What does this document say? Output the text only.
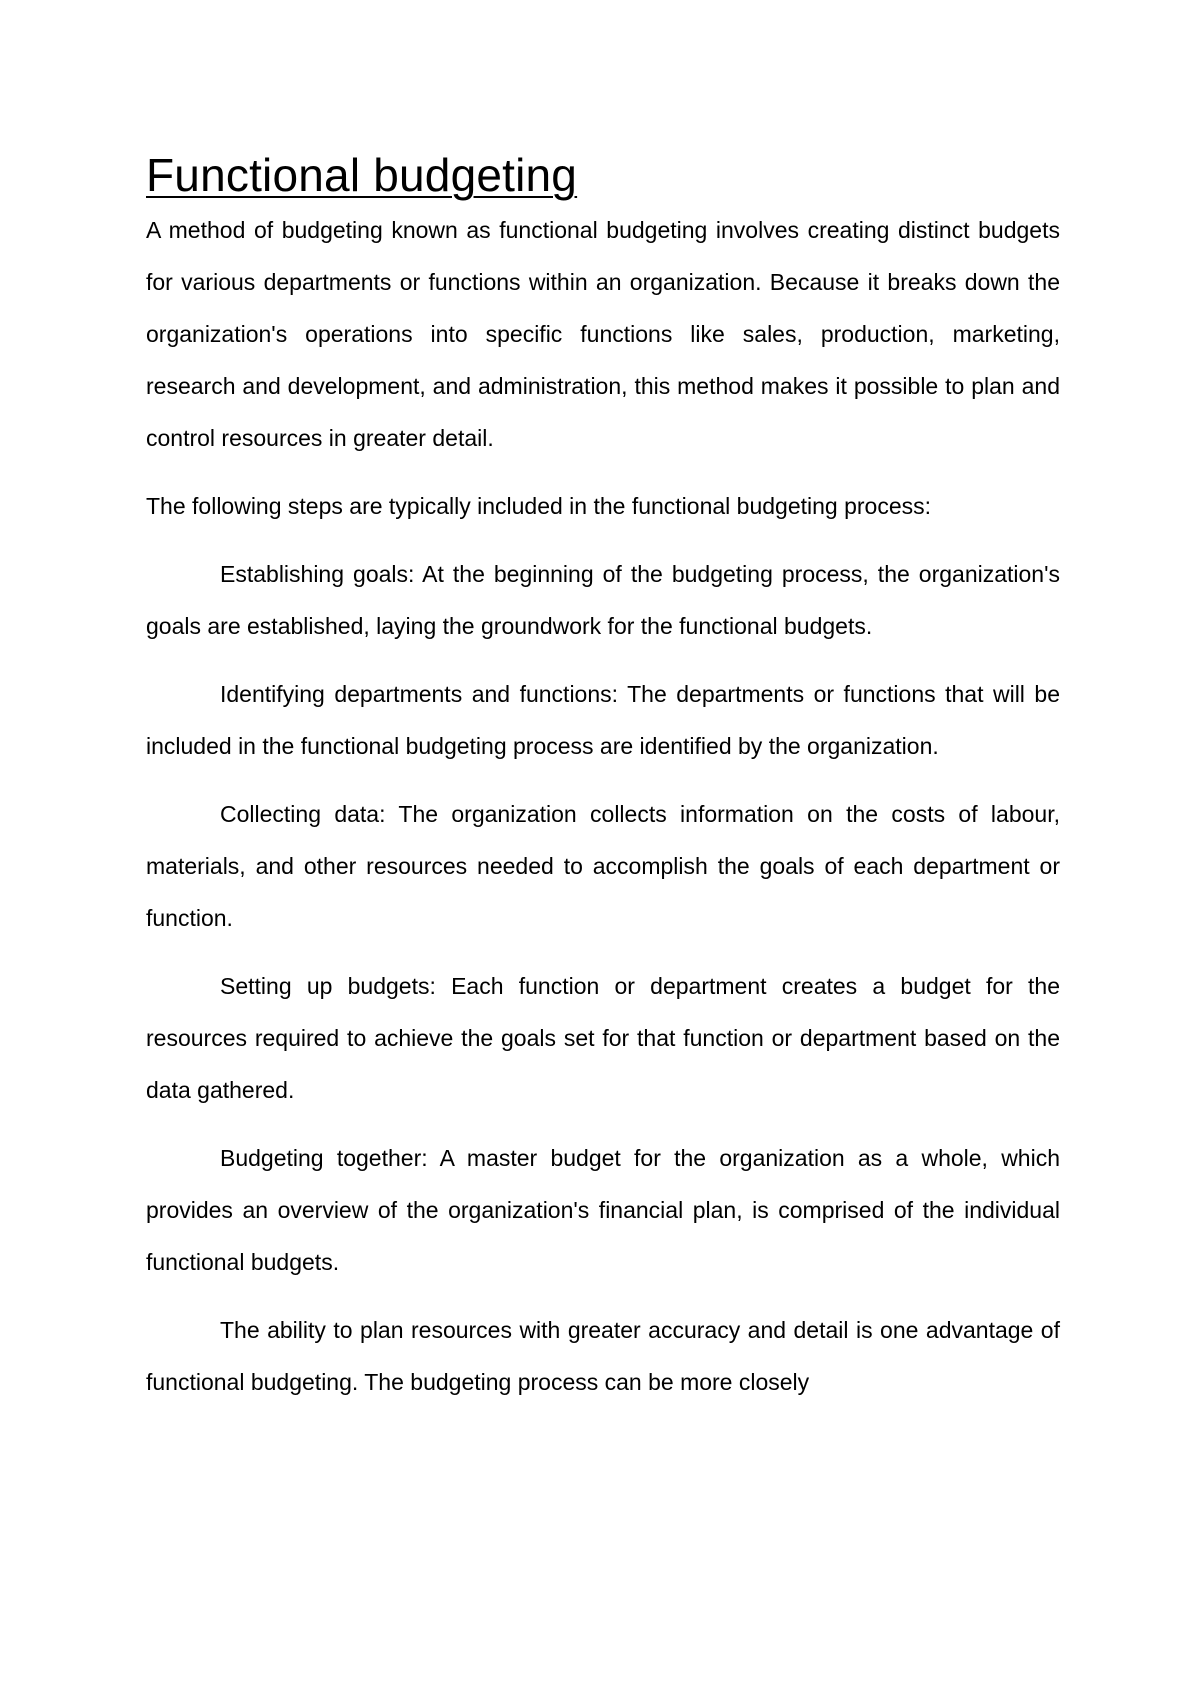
Functional budgeting

A method of budgeting known as functional budgeting involves creating distinct budgets for various departments or functions within an organization. Because it breaks down the organization's operations into specific functions like sales, production, marketing, research and development, and administration, this method makes it possible to plan and control resources in greater detail.

The following steps are typically included in the functional budgeting process:

Establishing goals: At the beginning of the budgeting process, the organization's goals are established, laying the groundwork for the functional budgets.

Identifying departments and functions: The departments or functions that will be included in the functional budgeting process are identified by the organization.

Collecting data: The organization collects information on the costs of labour, materials, and other resources needed to accomplish the goals of each department or function.

Setting up budgets: Each function or department creates a budget for the resources required to achieve the goals set for that function or department based on the data gathered.

Budgeting together: A master budget for the organization as a whole, which provides an overview of the organization's financial plan, is comprised of the individual functional budgets.

The ability to plan resources with greater accuracy and detail is one advantage of functional budgeting. The budgeting process can be more closely
